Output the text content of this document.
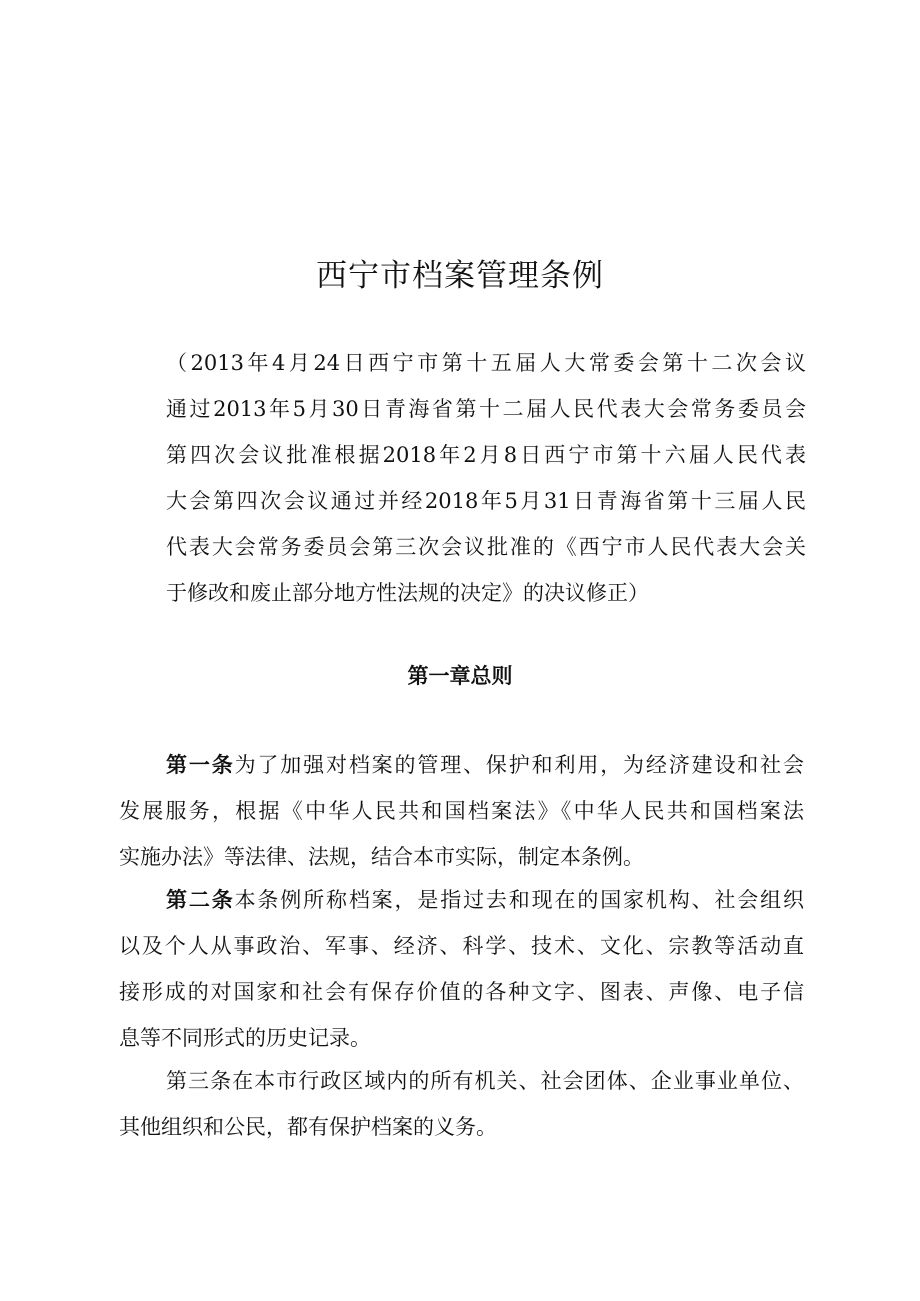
西宁市档案管理条例
（2013年4月24日西宁市第十五届人大常委会第十二次会议
通过2013年5月30日青海省第十二届人民代表大会常务委员会
第四次会议批准根据2018年2月8日西宁市第十六届人民代表
大会第四次会议通过并经2018年5月31日青海省第十三届人民
代表大会常务委员会第三次会议批准的《西宁市人民代表大会关
于修改和废止部分地方性法规的决定》的决议修正）
第一章总则
第一条为了加强对档案的管理、保护和利用，为经济建设和社会
发展服务，根据《中华人民共和国档案法》《中华人民共和国档案法
实施办法》等法律、法规，结合本市实际，制定本条例。
第二条本条例所称档案，是指过去和现在的国家机构、社会组织
以及个人从事政治、军事、经济、科学、技术、文化、宗教等活动直
接形成的对国家和社会有保存价值的各种文字、图表、声像、电子信
息等不同形式的历史记录。
第三条在本市行政区域内的所有机关、社会团体、企业事业单位、
其他组织和公民，都有保护档案的义务。
